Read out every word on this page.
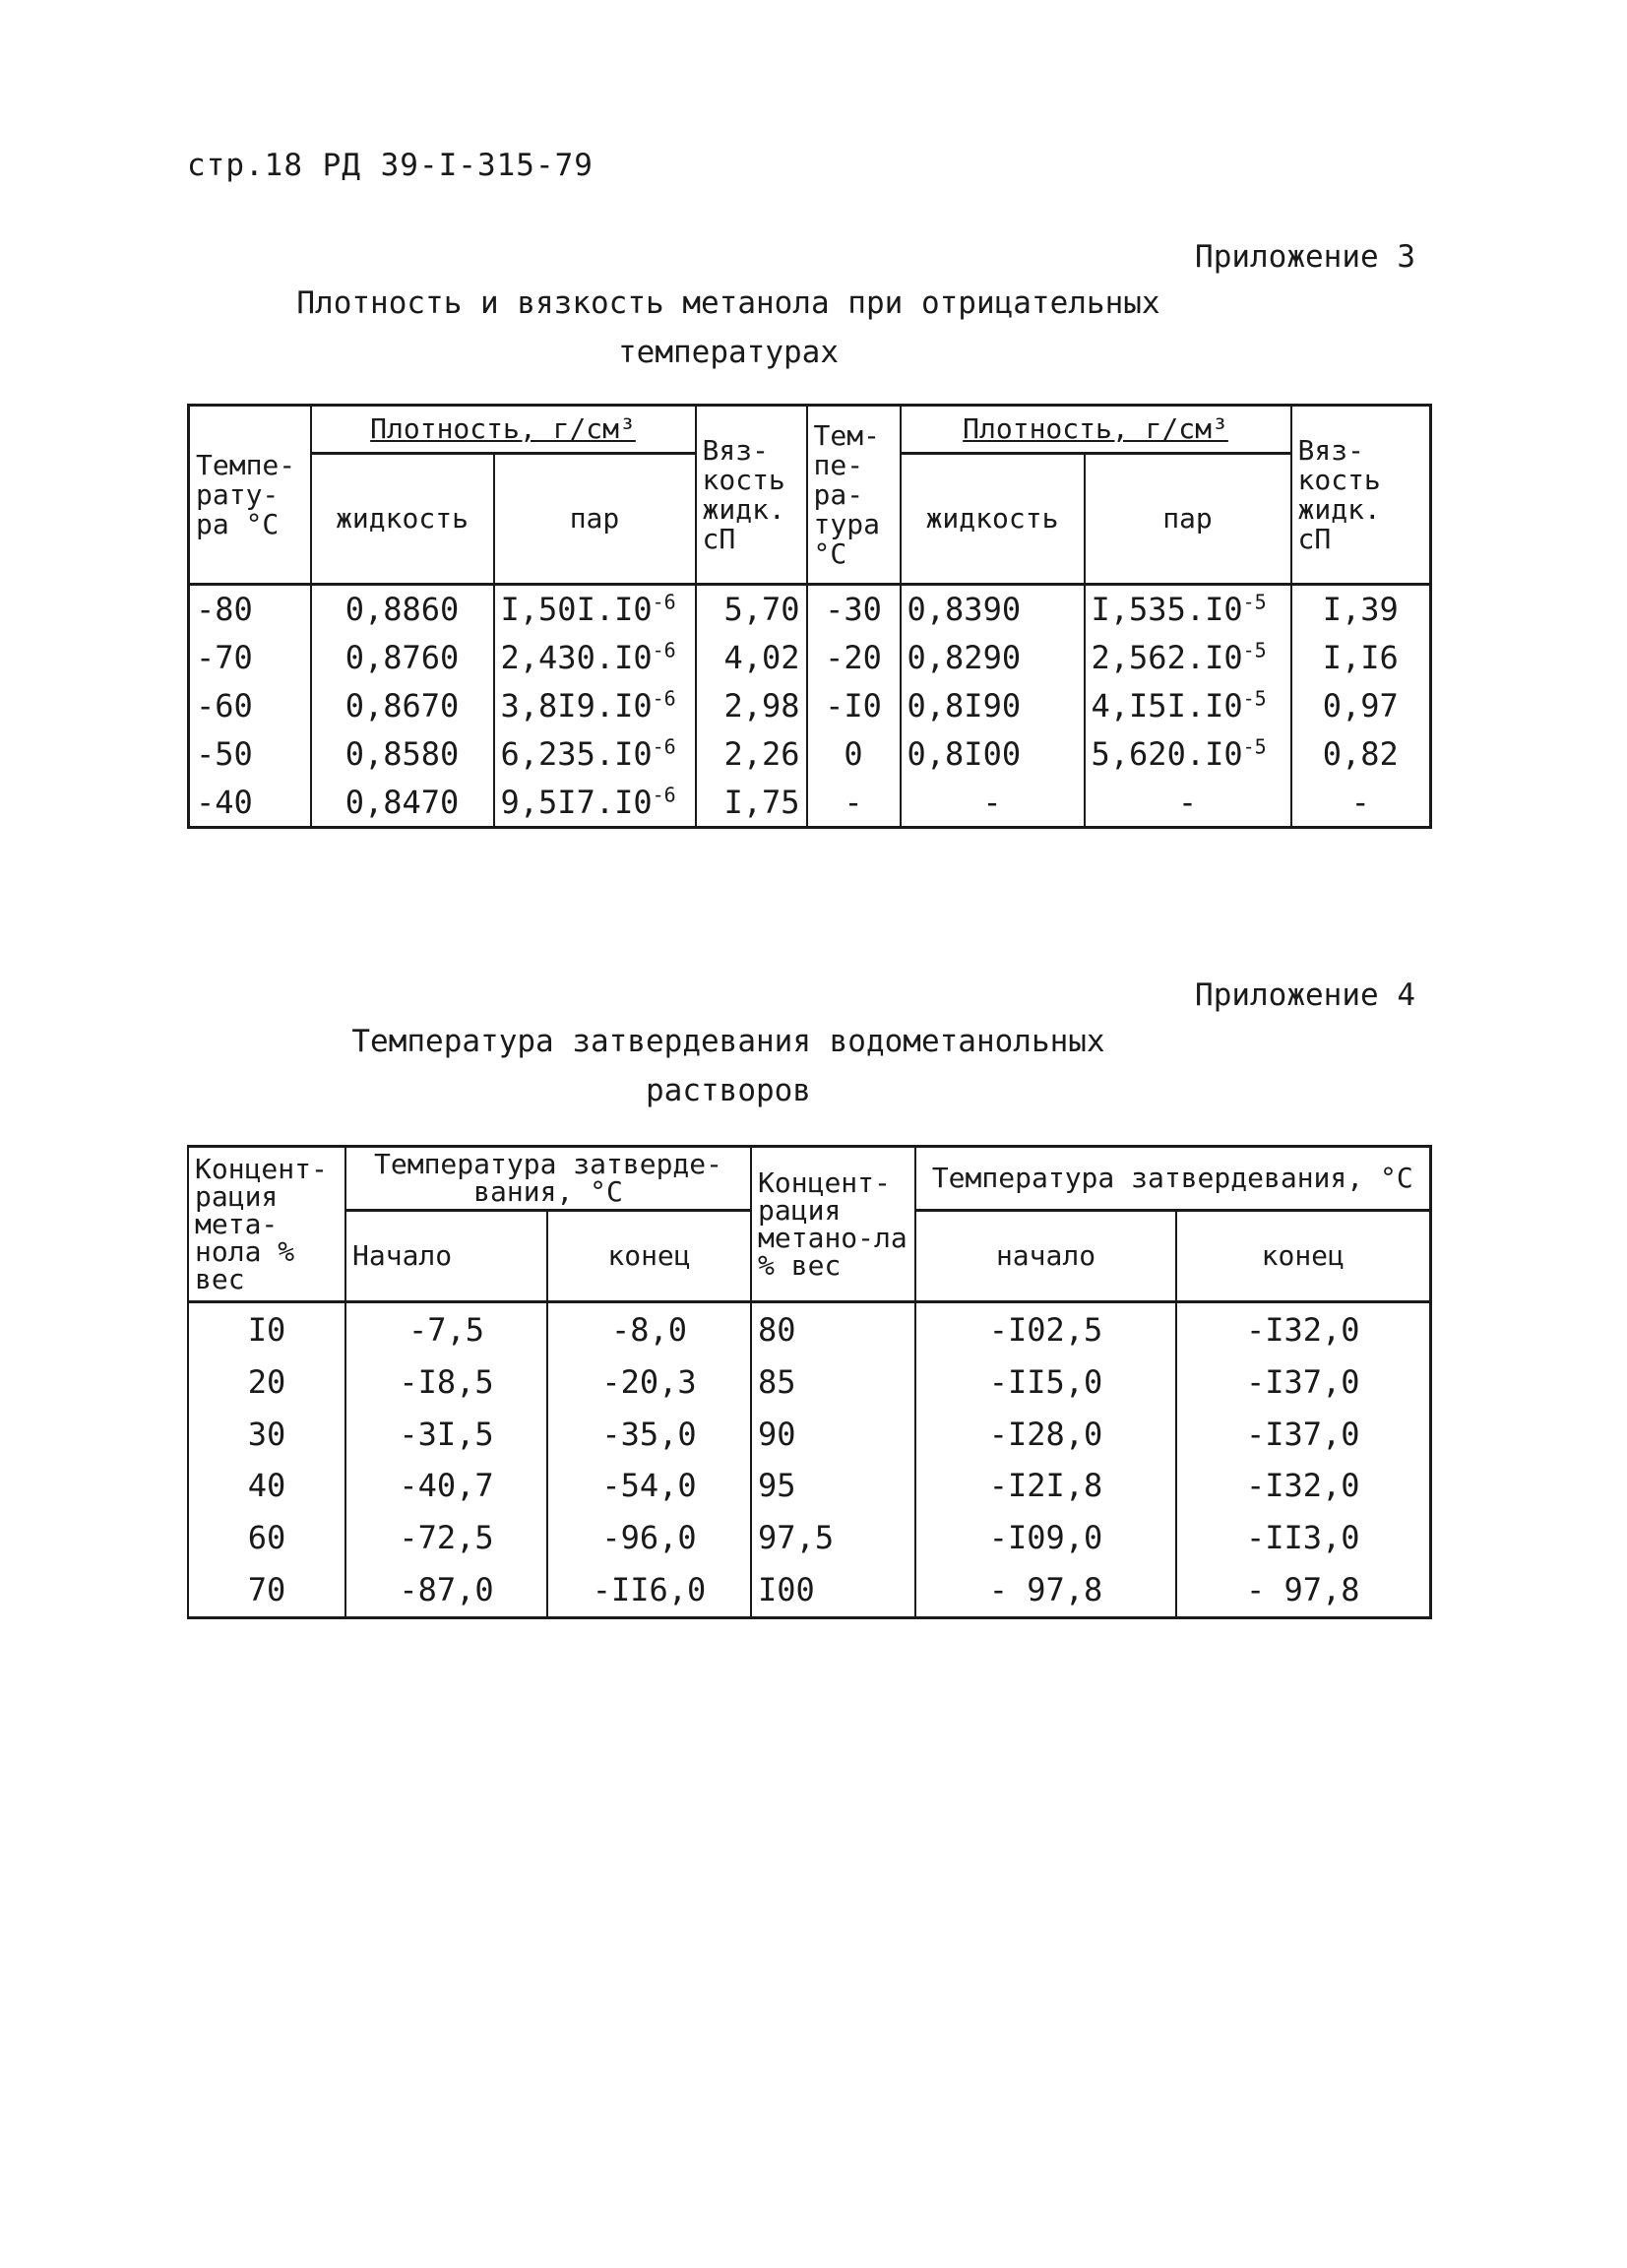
стр.18 РД 39-I-315-79
Приложение 3
Плотность и вязкость метанола при отрицательных
температурах
Темпе-рату-ра °C	Плотность, г/см³		Вяз-кость жидк. сП	Тем-пе-ра-тура °C	Плотность, г/см³		Вяз-кость жидк. сП
	жидкость	пар			жидкость	пар	
-80	0,8860	$I,50I.I0^{-6}$	5,70	-30	0,8390	$I,535.I0^{-5}$	I,39
-70	0,8760	$2,430.I0^{-6}$	4,02	-20	0,8290	$2,562.I0^{-5}$	I,I6
-60	0,8670	$3,8I9.I0^{-6}$	2,98	-I0	0,8I90	$4,I5I.I0^{-5}$	0,97
-50	0,8580	$6,235.I0^{-6}$	2,26	0	0,8I00	$5,620.I0^{-5}$	0,82
-40	0,8470	$9,5I7.I0^{-6}$	I,75	-	-	-	-
Приложение 4
Температура затвердевания водометанольных
растворов
Концент-рация мета-нола % вес	Температура затверде-вания, °C		Концент-рация метано-ла % вес	Температура затвердевания, °C	
	Начало	конец		начало	конец
I0	-7,5	-8,0	80	-I02,5	-I32,0
20	-I8,5	-20,3	85	-II5,0	-I37,0
30	-3I,5	-35,0	90	-I28,0	-I37,0
40	-40,7	-54,0	95	-I2I,8	-I32,0
60	-72,5	-96,0	97,5	-I09,0	-II3,0
70	-87,0	-II6,0	I00	- 97,8	- 97,8
